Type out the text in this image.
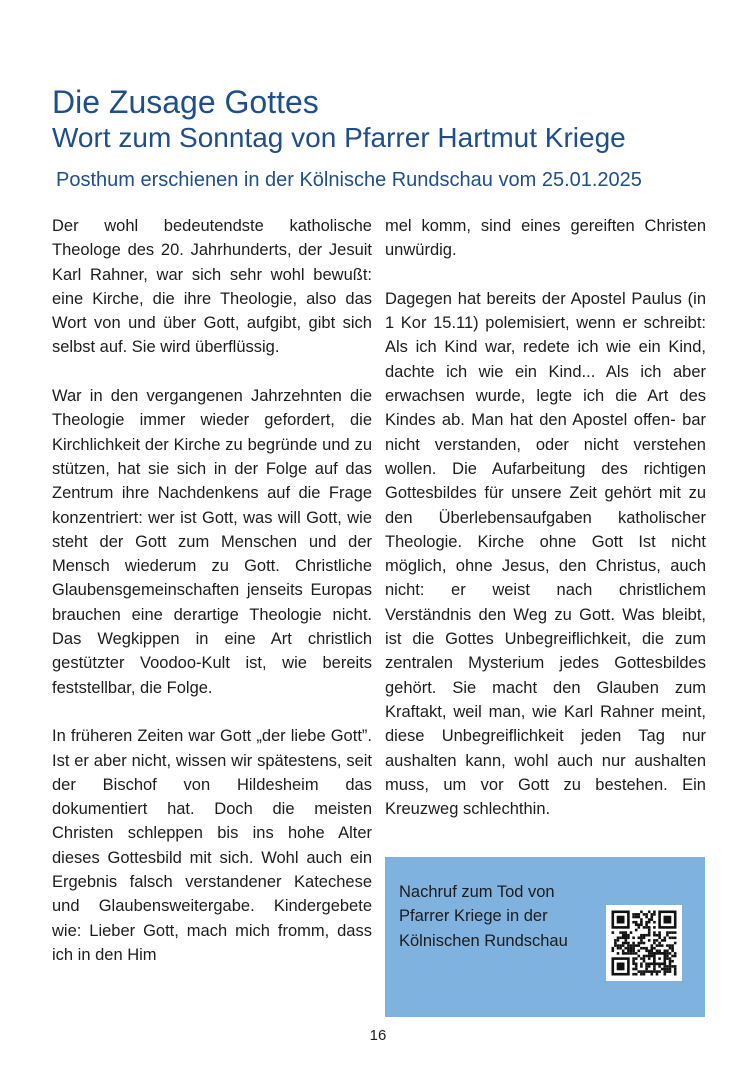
Die Zusage Gottes
Wort zum Sonntag von Pfarrer Hartmut Kriege
Posthum erschienen in der Kölnische Rundschau vom 25.01.2025

Der wohl bedeutendste katholische Theologe des 20. Jahrhunderts, der Jesuit Karl Rahner, war sich sehr wohl bewußt: eine Kirche, die ihre Theologie, also das Wort von und über Gott, aufgibt, gibt sich selbst auf. Sie wird überflüssig.

War in den vergangenen Jahrzehnten die Theologie immer wieder gefordert, die Kirchlichkeit der Kirche zu begründe und zu stützen, hat sie sich in der Folge auf das Zentrum ihre Nachdenkens auf die Frage konzentriert: wer ist Gott, was will Gott, wie steht der Gott zum Menschen und der Mensch wiederum zu Gott. Christliche Glaubensgemeinschaften jenseits Europas brauchen eine derartige Theologie nicht. Das Wegkippen in eine Art christlich gestützter Voodoo-Kult ist, wie bereits feststellbar, die Folge.

In früheren Zeiten war Gott „der liebe Gott”. Ist er aber nicht, wissen wir spätestens, seit der Bischof von Hildesheim das dokumentiert hat. Doch die meisten Christen schleppen bis ins hohe Alter dieses Gottesbild mit sich. Wohl auch ein Ergebnis falsch verstandener Katechese und Glaubensweitergabe. Kindergebete wie: Lieber Gott, mach mich fromm, dass ich in den Him

mel komm, sind eines gereiften Christen unwürdig.

Dagegen hat bereits der Apostel Paulus (in 1 Kor 15.11) polemisiert, wenn er schreibt: Als ich Kind war, redete ich wie ein Kind, dachte ich wie ein Kind... Als ich aber erwachsen wurde, legte ich die Art des Kindes ab. Man hat den Apostel offen- bar nicht verstanden, oder nicht verstehen wollen. Die Aufarbeitung des richtigen Gottesbildes für unsere Zeit gehört mit zu den Überlebensaufgaben katholischer Theologie. Kirche ohne Gott Ist nicht möglich, ohne Jesus, den Christus, auch nicht: er weist nach christlichem Verständnis den Weg zu Gott. Was bleibt, ist die Gottes Unbegreiflichkeit, die zum zentralen Mysterium jedes Gottesbildes gehört. Sie macht den Glauben zum Kraftakt, weil man, wie Karl Rahner meint, diese Unbegreiflichkeit jeden Tag nur aushalten kann, wohl auch nur aushalten muss, um vor Gott zu bestehen. Ein Kreuzweg schlechthin.

Nachruf zum Tod von Pfarrer Kriege in der Kölnischen Rundschau
16
